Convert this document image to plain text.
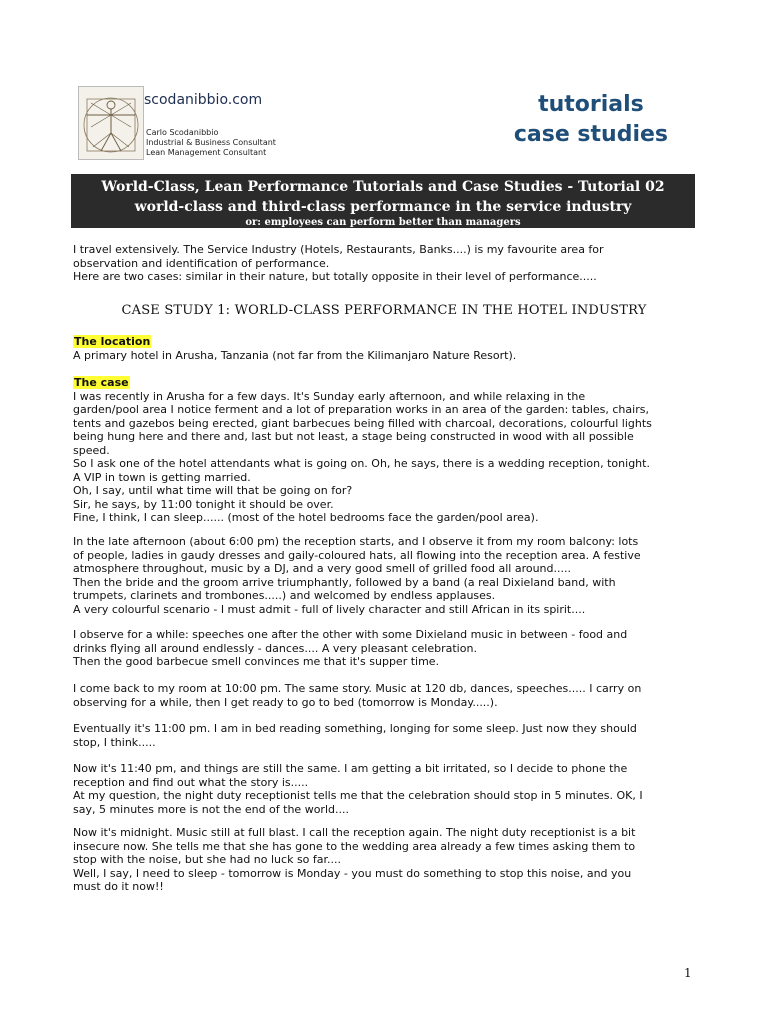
scodanibbio.com
Carlo Scodanibbio
Industrial & Business Consultant
Lean Management Consultant
tutorials
case studies
World-Class, Lean Performance Tutorials and Case Studies - Tutorial 02
world-class and third-class performance in the service industry
or: employees can perform better than managers

I travel extensively. The Service Industry (Hotels, Restaurants, Banks....) is my favourite area for

observation and identification of performance.

Here are two cases: similar in their nature, but totally opposite in their level of performance.....

CASE STUDY 1: WORLD-CLASS PERFORMANCE IN THE HOTEL INDUSTRY

The location

A primary hotel in Arusha, Tanzania (not far from the Kilimanjaro Nature Resort).

The case

I was recently in Arusha for a few days. It's Sunday early afternoon, and while relaxing in the

garden/pool area I notice ferment and a lot of preparation works in an area of the garden: tables, chairs,

tents and gazebos being erected, giant barbecues being filled with charcoal, decorations, colourful lights

being hung here and there and, last but not least, a stage being constructed in wood with all possible

speed.

So I ask one of the hotel attendants what is going on. Oh, he says, there is a wedding reception, tonight.

A VIP in town is getting married.

Oh, I say, until what time will that be going on for?

Sir, he says, by 11:00 tonight it should be over.

Fine, I think, I can sleep...... (most of the hotel bedrooms face the garden/pool area).

In the late afternoon (about 6:00 pm) the reception starts, and I observe it from my room balcony: lots

of people, ladies in gaudy dresses and gaily-coloured hats, all flowing into the reception area. A festive

atmosphere throughout, music by a DJ, and a very good smell of grilled food all around.....

Then the bride and the groom arrive triumphantly, followed by a band (a real Dixieland band, with

trumpets, clarinets and trombones.....) and welcomed by endless applauses.

A very colourful scenario - I must admit - full of lively character and still African in its spirit....

I observe for a while: speeches one after the other with some Dixieland music in between - food and

drinks flying all around endlessly - dances.... A very pleasant celebration.

Then the good barbecue smell convinces me that it's supper time.

I come back to my room at 10:00 pm. The same story. Music at 120 db, dances, speeches..... I carry on

observing for a while, then I get ready to go to bed (tomorrow is Monday.....).

Eventually it's 11:00 pm. I am in bed reading something, longing for some sleep. Just now they should

stop, I think.....

Now it's 11:40 pm, and things are still the same. I am getting a bit irritated, so I decide to phone the

reception and find out what the story is.....

At my question, the night duty receptionist tells me that the celebration should stop in 5 minutes. OK, I

say, 5 minutes more is not the end of the world....

Now it's midnight. Music still at full blast. I call the reception again. The night duty receptionist is a bit

insecure now. She tells me that she has gone to the wedding area already a few times asking them to

stop with the noise, but she had no luck so far....

Well, I say, I need to sleep - tomorrow is Monday - you must do something to stop this noise, and you

must do it now!!

1
